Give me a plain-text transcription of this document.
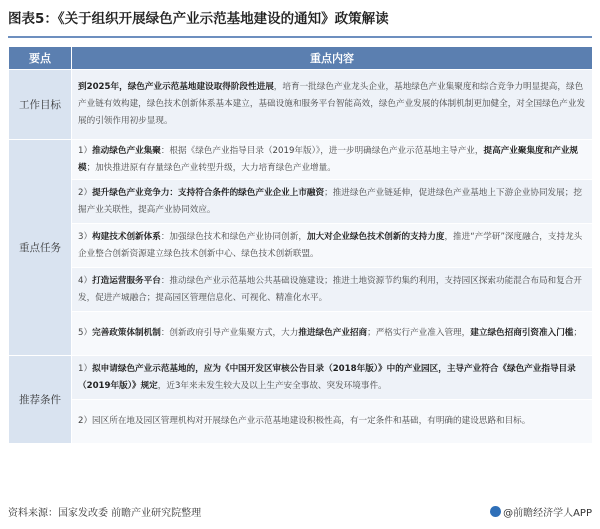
图表5：《关于组织开展绿色产业示范基地建设的通知》政策解读
要点	重点内容
工作目标	到2025年，绿色产业示范基地建设取得阶段性进展，培育一批绿色产业龙头企业，基地绿色产业集聚度和综合竞争力明显提高，绿色产业链有效构建，绿色技术创新体系基本建立，基础设施和服务平台智能高效，绿色产业发展的体制机制更加健全，对全国绿色产业发展的引领作用初步显现。

重点任务	1）推动绿色产业集聚：根据《绿色产业指导目录（2019年版）》，进一步明确绿色产业示范基地主导产业，提高产业聚集度和产业规模；加快推进原有存量绿色产业转型升级，大力培育绿色产业增量。

	2）提升绿色产业竞争力：支持符合条件的绿色产业企业上市融资；推进绿色产业链延伸，促进绿色产业基地上下游企业协同发展；挖掘产业关联性，提高产业协同效应。

	3）构建技术创新体系：加强绿色技术和绿色产业协同创新，加大对企业绿色技术创新的支持力度，推进“产学研”深度融合，支持龙头企业整合创新资源建立绿色技术创新中心、绿色技术创新联盟。

	4）打造运营服务平台：推动绿色产业示范基地公共基础设施建设；推进土地资源节约集约利用，支持园区探索功能混合布局和复合开发，促进产城融合；提高园区管理信息化、可视化、精准化水平。

	5）完善政策体制机制：创新政府引导产业集聚方式，大力推进绿色产业招商；严格实行产业准入管理，建立绿色招商引资准入门槛；

推荐条件	1）拟申请绿色产业示范基地的，应为《中国开发区审核公告目录（2018年版）》中的产业园区，主导产业符合《绿色产业指导目录（2019年版）》规定，近3年来未发生较大及以上生产安全事故、突发环境事件。

	2）园区所在地及园区管理机构对开展绿色产业示范基地建设积极性高，有一定条件和基础，有明确的建设思路和目标。

资料来源：国家发改委 前瞻产业研究院整理	@前瞻经济学人APP
